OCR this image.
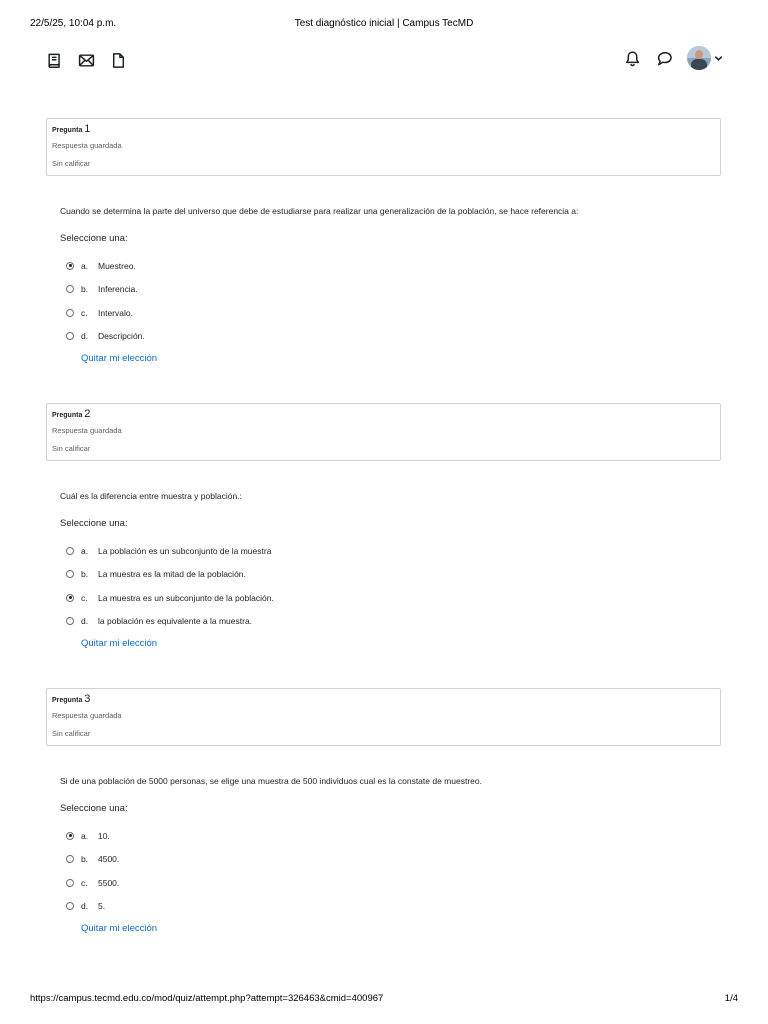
22/5/25, 10:04 p.m.	Test diagnóstico inicial | Campus TecMD
Pregunta 1
Respuesta guardada
Sin calificar
Cuando se determina la parte del universo que debe de estudiarse para realizar una generalización de la población, se hace referencia a:
Seleccione una:
a.	Muestreo.
b.	Inferencia.
c.	Intervalo.
d.	Descripción.
Quitar mi elección
Pregunta 2
Respuesta guardada
Sin calificar
Cuál es la diferencia entre muestra y población.:
Seleccione una:
a.	La población es un subconjunto de la muestra
b.	La muestra es la mitad de la población.
c.	La muestra es un subconjunto de la población.
d.	la población es equivalente a la muestra.
Quitar mi elección
Pregunta 3
Respuesta guardada
Sin calificar
Si de una población de 5000 personas, se elige una muestra de 500 individuos cual es la constate de muestreo.
Seleccione una:
a.	10.
b.	4500.
c.	5500.
d.	5.
Quitar mi elección
https://campus.tecmd.edu.co/mod/quiz/attempt.php?attempt=326463&cmid=400967	1/4
